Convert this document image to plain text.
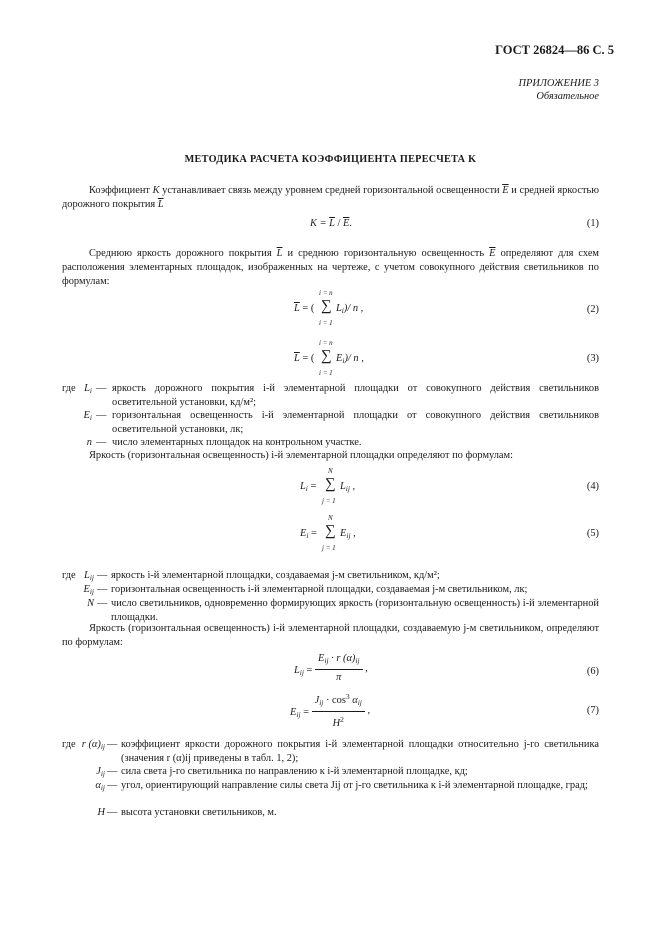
ГОСТ 26824—86 С. 5
ПРИЛОЖЕНИЕ 3
Обязательное
МЕТОДИКА РАСЧЕТА КОЭФФИЦИЕНТА ПЕРЕСЧЕТА K
Коэффициент K устанавливает связь между уровнем средней горизонтальной освещенности $\overline{E}$ и средней яркостью дорожного покрытия $\overline{L}$
$K = \overline{L} / \overline{E}$.	(1)
Среднюю яркость дорожного покрытия $\overline{L}$ и среднюю горизонтальную освещенность $\overline{E}$ определяют для схем расположения элементарных площадок, изображенных на чертеже, с учетом совокупного действия светильников по формулам:
i = n
$\overline{L}$ = ( ∑ $L_i)/$ n ,
i = 1
(2)
i = n
$\overline{L}$ = ( ∑ $E_i)/$ n ,
i = 1
(3)
где $L_i$ — яркость дорожного покрытия i-й элементарной площадки от совокупного действия светильников осветительной установки, кд/м²;
$E_i$ — горизонтальная освещенность i-й элементарной площадки от совокупного действия светильников осветительной установки, лк;
n — число элементарных площадок на контрольном участке.
Яркость (горизонтальная освещенность) i-й элементарной площадки определяют по формулам:
N
$L_i$ = ∑ $L_{ij}$ ,
j = 1
(4)
N
$E_i$ = ∑ $E_{ij}$ ,
j = 1
(5)
где $L_{ij}$ — яркость i-й элементарной площадки, создаваемая j-м светильником, кд/м²;
$E_{ij}$ — горизонтальная освещенность i-й элементарной площадки, создаваемая j-м светильником, лк;
N — число светильников, одновременно формирующих яркость (горизонтальную освещенность) i-й элементарной площадки.
Яркость (горизонтальная освещенность) i-й элементарной площадки, создаваемую j-м светильником, определяют по формулам:
$L_{ij} = \frac{E_{ij} \cdot r (\alpha)_{ij}}{\pi}$ ,	(6)
$E_{ij} = \frac{J_{ij} \cdot \cos^3 \alpha_{ij}}{H^2}$ ,	(7)
где r $(\alpha)_{ij}$ — коэффициент яркости дорожного покрытия i-й элементарной площадки относительно j-го светильника (значения r (α)ij приведены в табл. 1, 2);
$J_{ij}$ — сила света j-го светильника по направлению к i-й элементарной площадке, кд;
$\alpha_{ij}$ — угол, ориентирующий направление силы света Jij от j-го светильника к i-й элементарной площадке, град;
H — высота установки светильников, м.
